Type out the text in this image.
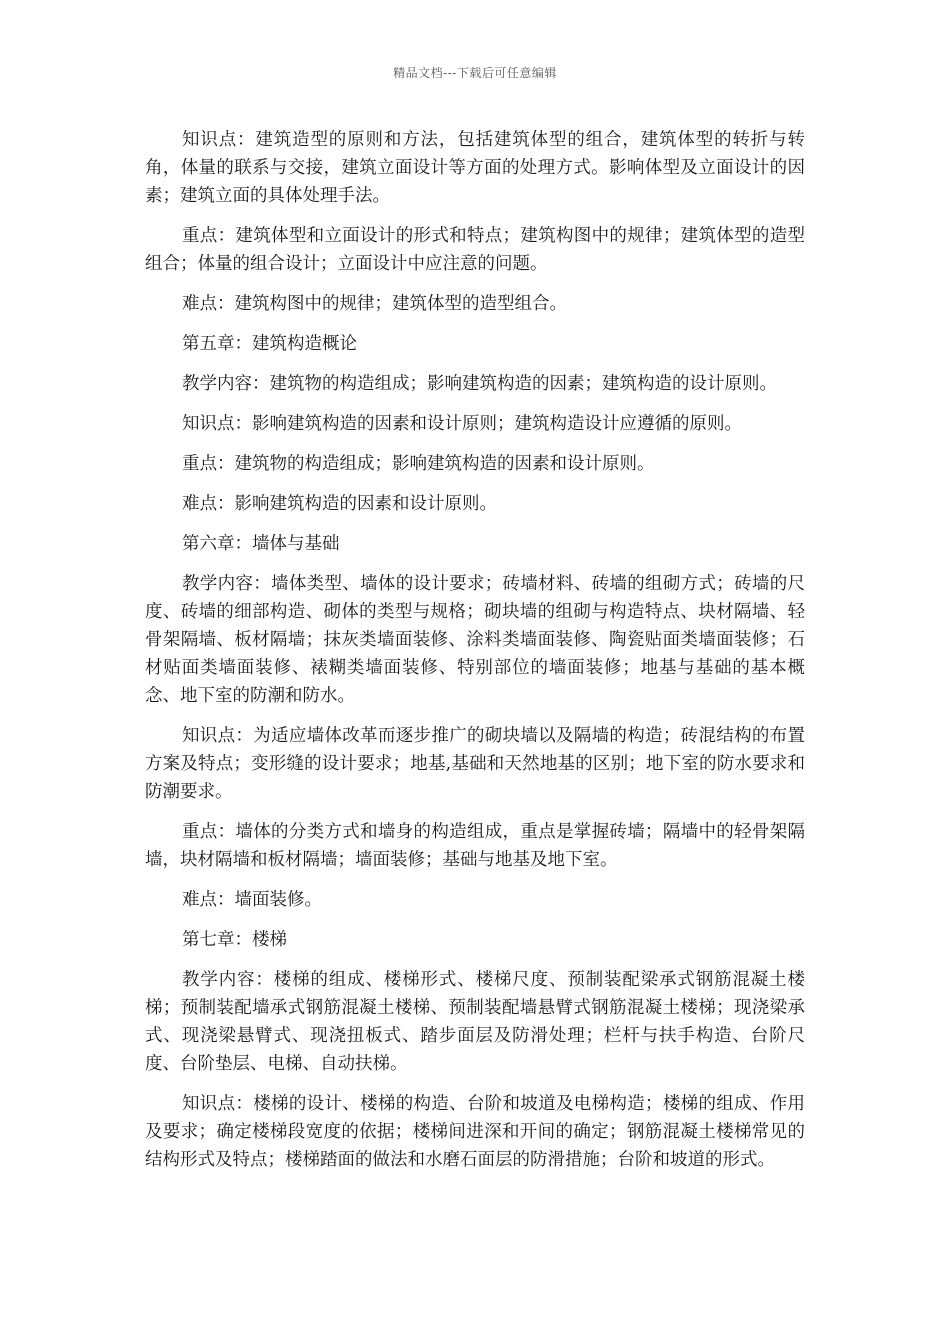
精品文档---下载后可任意编辑

知识点：建筑造型的原则和方法，包括建筑体型的组合，建筑体型的转折与转角，体量的联系与交接，建筑立面设计等方面的处理方式。影响体型及立面设计的因素；建筑立面的具体处理手法。

重点：建筑体型和立面设计的形式和特点；建筑构图中的规律；建筑体型的造型组合；体量的组合设计；立面设计中应注意的问题。

难点：建筑构图中的规律；建筑体型的造型组合。

第五章：建筑构造概论

教学内容：建筑物的构造组成；影响建筑构造的因素；建筑构造的设计原则。

知识点：影响建筑构造的因素和设计原则；建筑构造设计应遵循的原则。

重点：建筑物的构造组成；影响建筑构造的因素和设计原则。

难点：影响建筑构造的因素和设计原则。

第六章：墙体与基础

教学内容：墙体类型、墙体的设计要求；砖墙材料、砖墙的组砌方式；砖墙的尺度、砖墙的细部构造、砌体的类型与规格；砌块墙的组砌与构造特点、块材隔墙、轻骨架隔墙、板材隔墙；抹灰类墙面装修、涂料类墙面装修、陶瓷贴面类墙面装修；石材贴面类墙面装修、裱糊类墙面装修、特别部位的墙面装修；地基与基础的基本概念、地下室的防潮和防水。

知识点：为适应墙体改革而逐步推广的砌块墙以及隔墙的构造；砖混结构的布置方案及特点；变形缝的设计要求；地基,基础和天然地基的区别；地下室的防水要求和防潮要求。

重点：墙体的分类方式和墙身的构造组成，重点是掌握砖墙；隔墙中的轻骨架隔墙，块材隔墙和板材隔墙；墙面装修；基础与地基及地下室。

难点：墙面装修。

第七章：楼梯

教学内容：楼梯的组成、楼梯形式、楼梯尺度、预制装配梁承式钢筋混凝土楼梯；预制装配墙承式钢筋混凝土楼梯、预制装配墙悬臂式钢筋混凝土楼梯；现浇梁承式、现浇梁悬臂式、现浇扭板式、踏步面层及防滑处理；栏杆与扶手构造、台阶尺度、台阶垫层、电梯、自动扶梯。

知识点：楼梯的设计、楼梯的构造、台阶和坡道及电梯构造；楼梯的组成、作用及要求；确定楼梯段宽度的依据；楼梯间进深和开间的确定；钢筋混凝土楼梯常见的结构形式及特点；楼梯踏面的做法和水磨石面层的防滑措施；台阶和坡道的形式。
